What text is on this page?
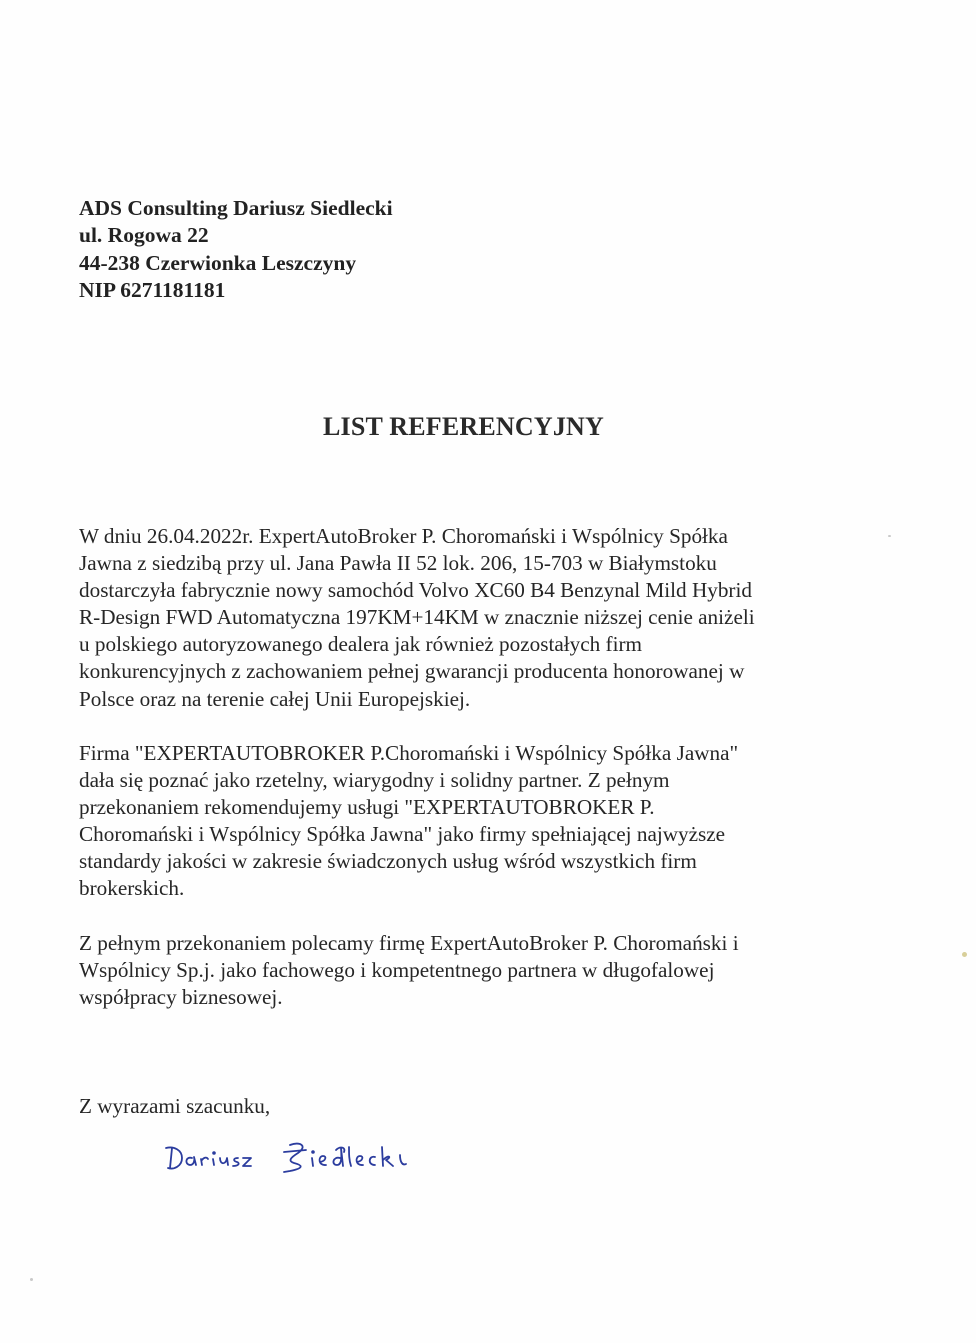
ADS Consulting Dariusz Siedlecki
ul. Rogowa 22
44-238 Czerwionka Leszczyny
NIP 6271181181
LIST REFERENCYJNY
W dniu 26.04.2022r. ExpertAutoBroker P. Choromański i Wspólnicy Spółka
Jawna z siedzibą przy ul. Jana Pawła II 52 lok. 206, 15-703 w Białymstoku
dostarczyła fabrycznie nowy samochód Volvo XC60 B4 Benzynal Mild Hybrid
R-Design FWD Automatyczna 197KM+14KM w znacznie niższej cenie aniżeli
u polskiego autoryzowanego dealera jak również pozostałych firm
konkurencyjnych z zachowaniem pełnej gwarancji producenta honorowanej w
Polsce oraz na terenie całej Unii Europejskiej.
Firma "EXPERTAUTOBROKER P.Choromański i Wspólnicy Spółka Jawna"
dała się poznać jako rzetelny, wiarygodny i solidny partner. Z pełnym
przekonaniem rekomendujemy usługi "EXPERTAUTOBROKER P.
Choromański i Wspólnicy Spółka Jawna" jako firmy spełniającej najwyższe
standardy jakości w zakresie świadczonych usług wśród wszystkich firm
brokerskich.
Z pełnym przekonaniem polecamy firmę ExpertAutoBroker P. Choromański i
Wspólnicy Sp.j. jako fachowego i kompetentnego partnera w długofalowej
współpracy biznesowej.
Z wyrazami szacunku,
